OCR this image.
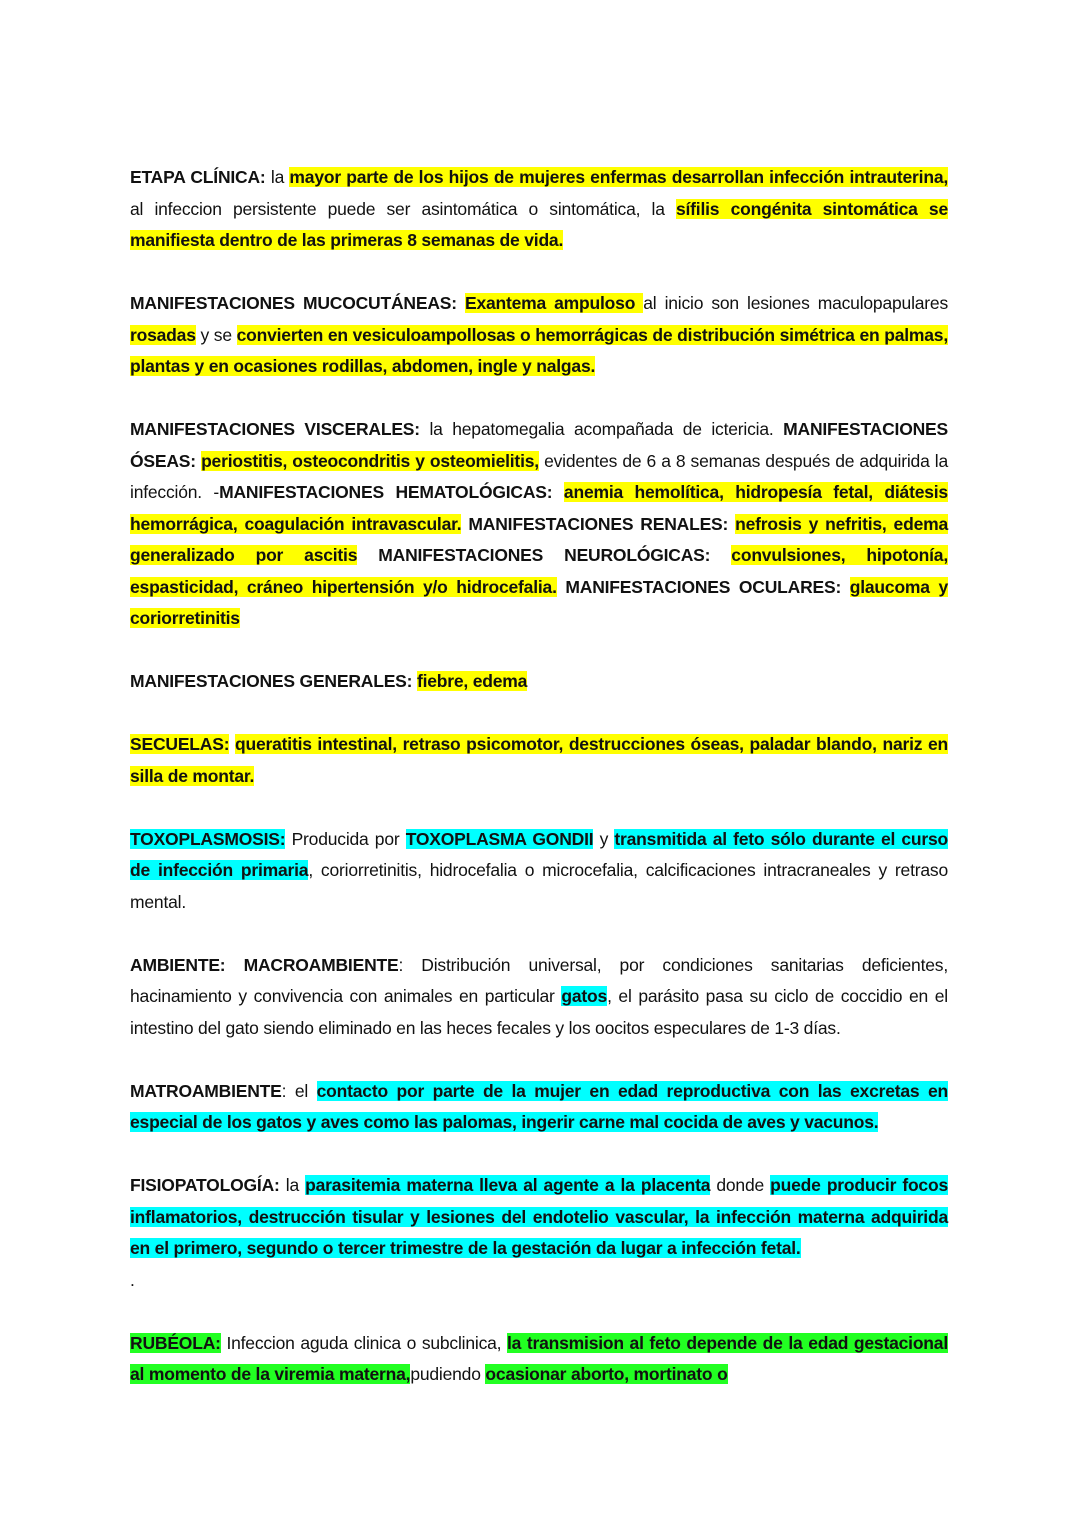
ETAPA CLÍNICA: la mayor parte de los hijos de mujeres enfermas desarrollan infección intrauterina, al infeccion persistente puede ser asintomática o sintomática, la sífilis congénita sintomática se manifiesta dentro de las primeras 8 semanas de vida.

MANIFESTACIONES MUCOCUTÁNEAS: Exantema ampuloso al inicio son lesiones maculopapulares rosadas y se convierten en vesiculoampollosas o hemorrágicas de distribución simétrica en palmas, plantas y en ocasiones rodillas, abdomen, ingle y nalgas.

MANIFESTACIONES VISCERALES: la hepatomegalia acompañada de ictericia. MANIFESTACIONES ÓSEAS: periostitis, osteocondritis y osteomielitis, evidentes de 6 a 8 semanas después de adquirida la infección. -MANIFESTACIONES HEMATOLÓGICAS: anemia hemolítica, hidropesía fetal, diátesis hemorrágica, coagulación intravascular. MANIFESTACIONES RENALES: nefrosis y nefritis, edema generalizado por ascitis MANIFESTACIONES NEUROLÓGICAS: convulsiones, hipotonía, espasticidad, cráneo hipertensión y/o hidrocefalia. MANIFESTACIONES OCULARES: glaucoma y coriorretinitis

MANIFESTACIONES GENERALES: fiebre, edema

SECUELAS: queratitis intestinal, retraso psicomotor, destrucciones óseas, paladar blando, nariz en silla de montar.

TOXOPLASMOSIS: Producida por TOXOPLASMA GONDII y transmitida al feto sólo durante el curso de infección primaria, coriorretinitis, hidrocefalia o microcefalia, calcificaciones intracraneales y retraso mental.

AMBIENTE: MACROAMBIENTE: Distribución universal, por condiciones sanitarias deficientes, hacinamiento y convivencia con animales en particular gatos, el parásito pasa su ciclo de coccidio en el intestino del gato siendo eliminado en las heces fecales y los oocitos especulares de 1-3 días.

MATROAMBIENTE: el contacto por parte de la mujer en edad reproductiva con las excretas en especial de los gatos y aves como las palomas, ingerir carne mal cocida de aves y vacunos.

FISIOPATOLOGÍA: la parasitemia materna lleva al agente a la placenta donde puede producir focos inflamatorios, destrucción tisular y lesiones del endotelio vascular, la infección materna adquirida en el primero, segundo o tercer trimestre de la gestación da lugar a infección fetal.

.

RUBÉOLA: Infeccion aguda clinica o subclinica, la transmision al feto depende de la edad gestacional al momento de la viremia materna,pudiendo ocasionar aborto, mortinato o
